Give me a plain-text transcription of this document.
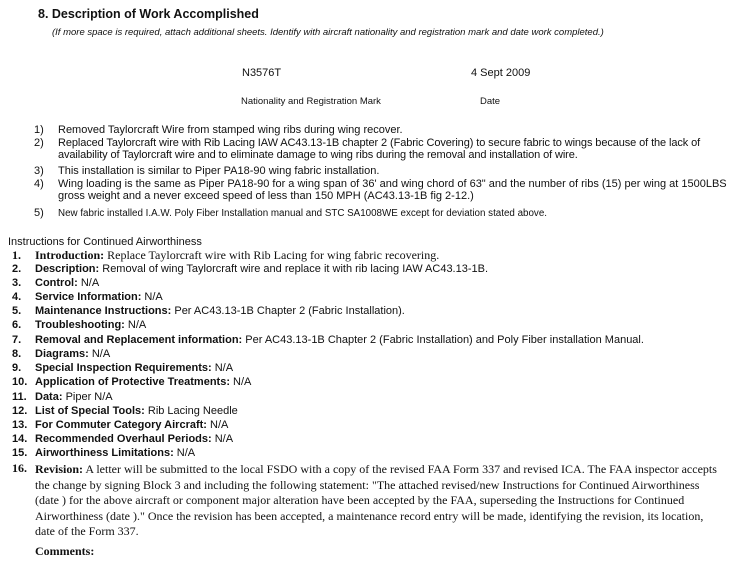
8. Description of Work Accomplished
(If more space is required, attach additional sheets. Identify with aircraft nationality and registration mark and date work completed.)
N3576T	4 Sept 2009
Nationality and Registration Mark	Date
1) Removed Taylorcraft Wire from stamped wing ribs during wing recover.
2) Replaced Taylorcraft wire with Rib Lacing IAW AC43.13-1B chapter 2 (Fabric Covering) to secure fabric to wings because of the lack of availability of Taylorcraft wire and to eliminate damage to wing ribs during the removal and installation of wire.
3) This installation is similar to Piper PA18-90 wing fabric installation.
4) Wing loading is the same as Piper PA18-90 for a wing span of 36' and wing chord of 63" and the number of ribs (15) per wing at 1500LBS gross weight and a never exceed speed of less than 150 MPH (AC43.13-1B fig 2-12.)
5) New fabric installed I.A.W. Poly Fiber Installation manual and STC SA1008WE except for deviation stated above.
Instructions for Continued Airworthiness
1. Introduction: Replace Taylorcraft wire with Rib Lacing for wing fabric recovering.
2. Description: Removal of wing Taylorcraft wire and replace it with rib lacing IAW AC43.13-1B.
3. Control: N/A
4. Service Information: N/A
5. Maintenance Instructions: Per AC43.13-1B Chapter 2 (Fabric Installation).
6. Troubleshooting: N/A
7. Removal and Replacement information: Per AC43.13-1B Chapter 2 (Fabric Installation) and Poly Fiber installation Manual.
8. Diagrams: N/A
9. Special Inspection Requirements: N/A
10. Application of Protective Treatments: N/A
11. Data: Piper N/A
12. List of Special Tools: Rib Lacing Needle
13. For Commuter Category Aircraft: N/A
14. Recommended Overhaul Periods: N/A
15. Airworthiness Limitations: N/A
16. Revision: A letter will be submitted to the local FSDO with a copy of the revised FAA Form 337 and revised ICA. The FAA inspector accepts the change by signing Block 3 and including the following statement: "The attached revised/new Instructions for Continued Airworthiness (date ) for the above aircraft or component major alteration have been accepted by the FAA, superseding the Instructions for Continued Airworthiness (date )." Once the revision has been accepted, a maintenance record entry will be made, identifying the revision, its location, date of the Form 337.
Comments:
